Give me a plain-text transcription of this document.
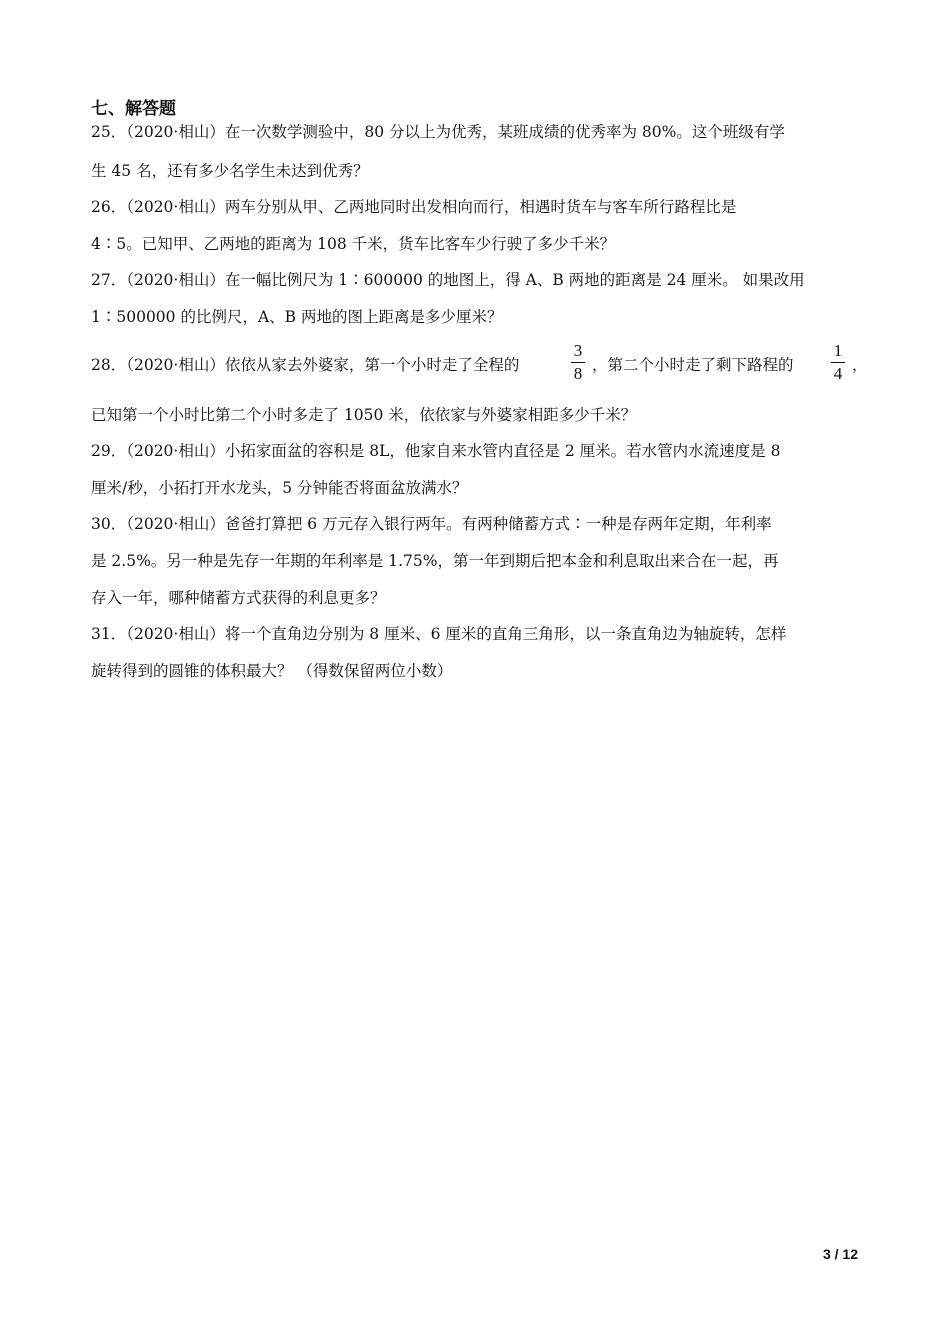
七、解答题
25．（2020·相山）在一次数学测验中，80 分以上为优秀，某班成绩的优秀率为 80%。这个班级有学
生 45 名，还有多少名学生未达到优秀？
26．（2020·相山）两车分别从甲、乙两地同时出发相向而行，相遇时货车与客车所行路程比是
4∶5。已知甲、乙两地的距离为 108 千米，货车比客车少行驶了多少千米？
27．（2020·相山）在一幅比例尺为 1∶600000 的地图上，得 A、B 两地的距离是 24 厘米。 如果改用
1∶500000 的比例尺，A、B 两地的图上距离是多少厘米？
28．（2020·相山）依依从家去外婆家，第一个小时走了全程的
3
8 ，第二个小时走了剩下路程的
1
4 ，
已知第一个小时比第二个小时多走了 1050 米，依依家与外婆家相距多少千米？
29．（2020·相山）小拓家面盆的容积是 8L，他家自来水管内直径是 2 厘米。若水管内水流速度是 8
厘米/秒，小拓打开水龙头，5 分钟能否将面盆放满水？
30．（2020·相山）爸爸打算把 6 万元存入银行两年。有两种储蓄方式∶一种是存两年定期，年利率
是 2.5%。另一种是先存一年期的年利率是 1.75%，第一年到期后把本金和利息取出来合在一起，再
存入一年，哪种储蓄方式获得的利息更多？
31．（2020·相山）将一个直角边分别为 8 厘米、6 厘米的直角三角形，以一条直角边为轴旋转，怎样
旋转得到的圆锥的体积最大？ （得数保留两位小数）
3 / 12
